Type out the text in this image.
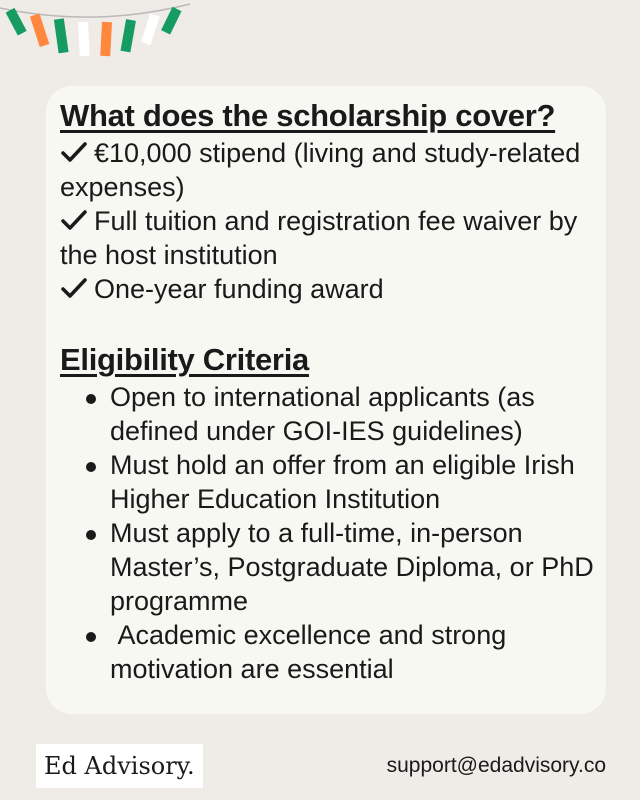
What does the scholarship cover?
€10,000 stipend (living and study-related expenses)
Full tuition and registration fee waiver by the host institution
One-year funding award
Eligibility Criteria
Open to international applicants (as defined under GOI-IES guidelines)
Must hold an offer from an eligible Irish Higher Education Institution
Must apply to a full-time, in-person Master’s, Postgraduate Diploma, or PhD programme
Academic excellence and strong motivation are essential
Ed Advisory.	support@edadvisory.co
